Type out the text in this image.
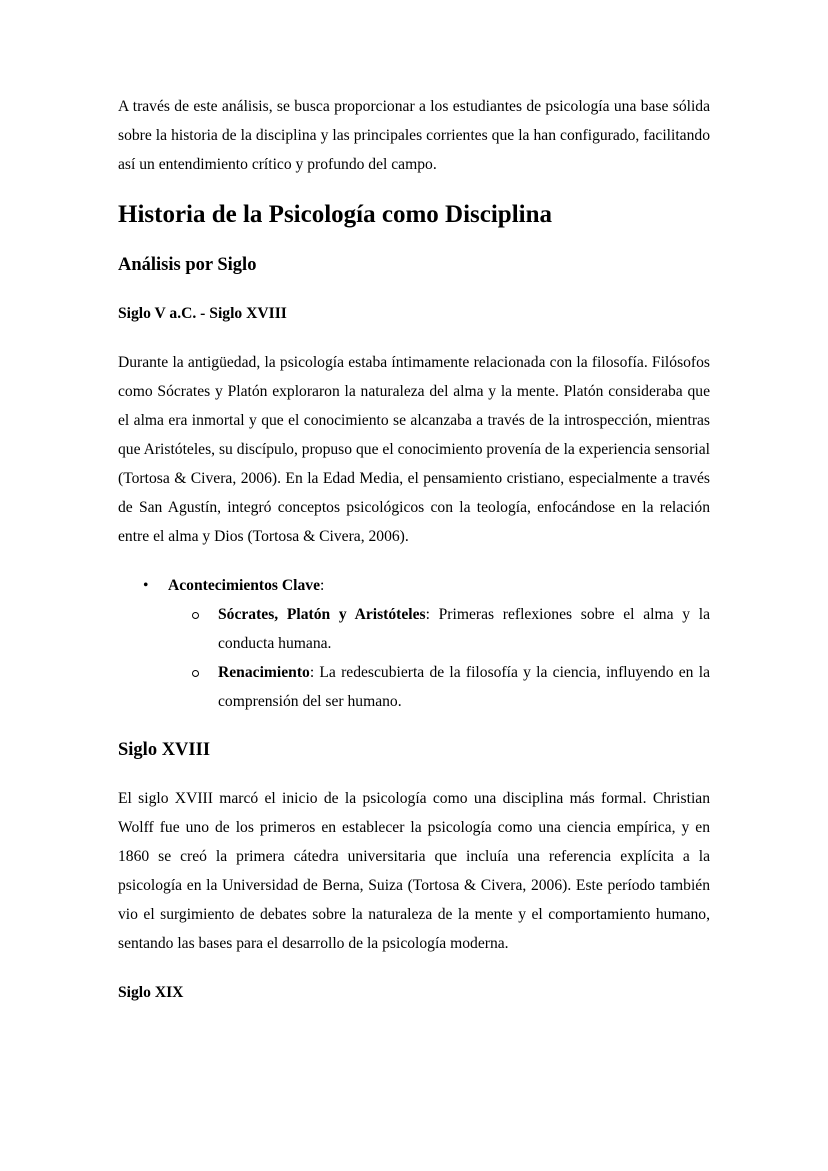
A través de este análisis, se busca proporcionar a los estudiantes de psicología una base sólida sobre la historia de la disciplina y las principales corrientes que la han configurado, facilitando así un entendimiento crítico y profundo del campo.

Historia de la Psicología como Disciplina
Análisis por Siglo
Siglo V a.C. - Siglo XVIII

Durante la antigüedad, la psicología estaba íntimamente relacionada con la filosofía. Filósofos como Sócrates y Platón exploraron la naturaleza del alma y la mente. Platón consideraba que el alma era inmortal y que el conocimiento se alcanzaba a través de la introspección, mientras que Aristóteles, su discípulo, propuso que el conocimiento provenía de la experiencia sensorial (Tortosa & Civera, 2006). En la Edad Media, el pensamiento cristiano, especialmente a través de San Agustín, integró conceptos psicológicos con la teología, enfocándose en la relación entre el alma y Dios (Tortosa & Civera, 2006).

• Acontecimientos Clave:
Sócrates, Platón y Aristóteles: Primeras reflexiones sobre el alma y la conducta humana.
Renacimiento: La redescubierta de la filosofía y la ciencia, influyendo en la comprensión del ser humano.
Siglo XVIII

El siglo XVIII marcó el inicio de la psicología como una disciplina más formal. Christian Wolff fue uno de los primeros en establecer la psicología como una ciencia empírica, y en 1860 se creó la primera cátedra universitaria que incluía una referencia explícita a la psicología en la Universidad de Berna, Suiza (Tortosa & Civera, 2006). Este período también vio el surgimiento de debates sobre la naturaleza de la mente y el comportamiento humano, sentando las bases para el desarrollo de la psicología moderna.

Siglo XIX
